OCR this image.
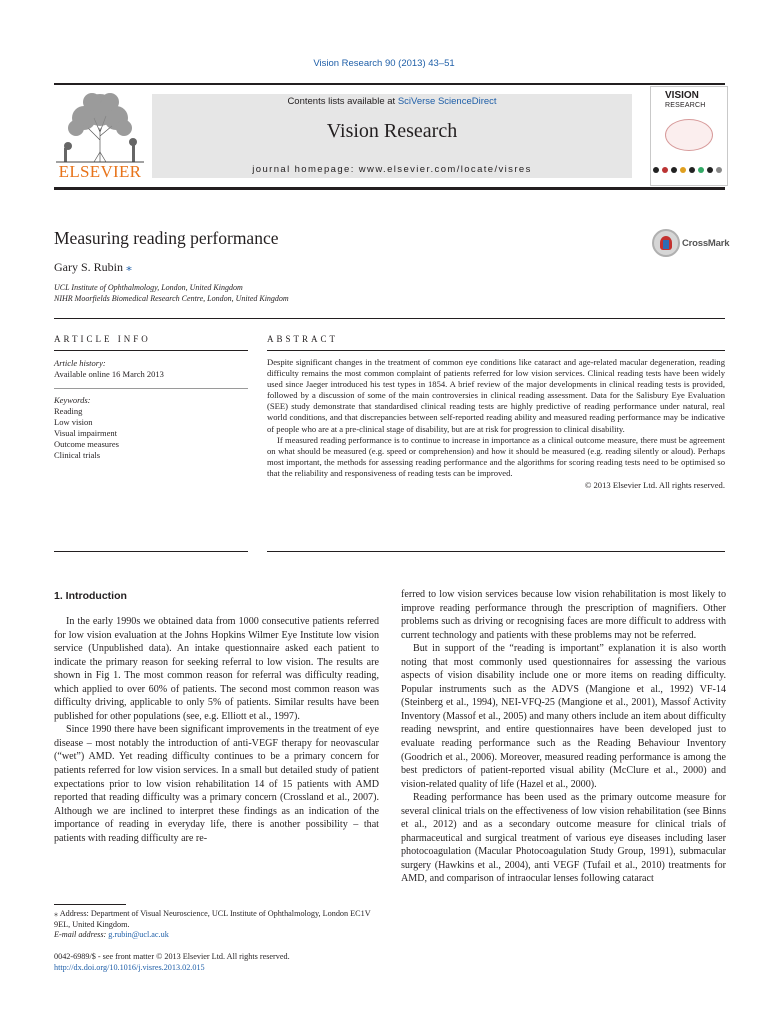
Vision Research 90 (2013) 43–51
ELSEVIER
Contents lists available at SciVerse ScienceDirect
Vision Research
journal homepage: www.elsevier.com/locate/visres
VISION
RESEARCH
Measuring reading performance
Gary S. Rubin ⁎
UCL Institute of Ophthalmology, London, United Kingdom
NIHR Moorfields Biomedical Research Centre, London, United Kingdom
CrossMark
ARTICLE INFO	ABSTRACT
Article history:
Available online 16 March 2013
Keywords:
Reading
Low vision
Visual impairment
Outcome measures
Clinical trials

Despite significant changes in the treatment of common eye conditions like cataract and age-related macular degeneration, reading difficulty remains the most common complaint of patients referred for low vision services. Clinical reading tests have been widely used since Jaeger introduced his test types in 1854. A brief review of the major developments in clinical reading tests is provided, followed by a discussion of some of the main controversies in clinical reading assessment. Data for the Salisbury Eye Evaluation (SEE) study demonstrate that standardised clinical reading tests are highly predictive of reading performance under natural, real world conditions, and that discrepancies between self-reported reading ability and measured reading performance may be indicative of people who are at a pre-clinical stage of disability, but are at risk for progression to clinical disability.

If measured reading performance is to continue to increase in importance as a clinical outcome measure, there must be agreement on what should be measured (e.g. speed or comprehension) and how it should be measured (e.g. reading silently or aloud). Perhaps most important, the methods for assessing reading performance and the algorithms for scoring reading tests need to be optimised so that the reliability and responsiveness of reading tests can be improved.

© 2013 Elsevier Ltd. All rights reserved.
1. Introduction

In the early 1990s we obtained data from 1000 consecutive patients referred for low vision evaluation at the Johns Hopkins Wilmer Eye Institute low vision service (Unpublished data). An intake questionnaire asked each patient to indicate the primary reason for seeking referral to low vision. The results are shown in Fig 1. The most common reason for referral was difficulty reading, which applied to over 60% of patients. The second most common reason was difficulty driving, applicable to only 5% of patients. Similar results have been published for other populations (see, e.g. Elliott et al., 1997).

Since 1990 there have been significant improvements in the treatment of eye disease – most notably the introduction of anti-VEGF therapy for neovascular (“wet”) AMD. Yet reading difficulty continues to be a primary concern for patients referred for low vision services. In a small but detailed study of patient expectations prior to low vision rehabilitation 14 of 15 patients with AMD reported that reading difficulty was a primary concern (Crossland et al., 2007). Although we are inclined to interpret these findings as an indication of the importance of reading in everyday life, there is another possibility – that patients with reading difficulty are re-

ferred to low vision services because low vision rehabilitation is most likely to improve reading performance through the prescription of magnifiers. Other problems such as driving or recognising faces are more difficult to address with current technology and patients with these problems may not be referred.

But in support of the “reading is important” explanation it is also worth noting that most commonly used questionnaires for assessing the various aspects of vision disability include one or more items on reading difficulty. Popular instruments such as the ADVS (Mangione et al., 1992) VF-14 (Steinberg et al., 1994), NEI-VFQ-25 (Mangione et al., 2001), Massof Activity Inventory (Massof et al., 2005) and many others include an item about difficulty reading newsprint, and entire questionnaires have been developed just to evaluate reading performance such as the Reading Behaviour Inventory (Goodrich et al., 2006). Moreover, measured reading performance is among the best predictors of patient-reported visual ability (McClure et al., 2000) and vision-related quality of life (Hazel et al., 2000).

Reading performance has been used as the primary outcome measure for several clinical trials on the effectiveness of low vision rehabilitation (see Binns et al., 2012) and as a secondary outcome measure for clinical trials of pharmaceutical and surgical treatment of various eye diseases including laser photocoagulation (Macular Photocoagulation Study Group, 1991), submacular surgery (Hawkins et al., 2004), anti VEGF (Tufail et al., 2010) treatments for AMD, and comparison of intraocular lenses following cataract

⁎ Address: Department of Visual Neuroscience, UCL Institute of Ophthalmology, London EC1V 9EL, United Kingdom.
E-mail address: g.rubin@ucl.ac.uk
0042-6989/$ - see front matter © 2013 Elsevier Ltd. All rights reserved.
http://dx.doi.org/10.1016/j.visres.2013.02.015
